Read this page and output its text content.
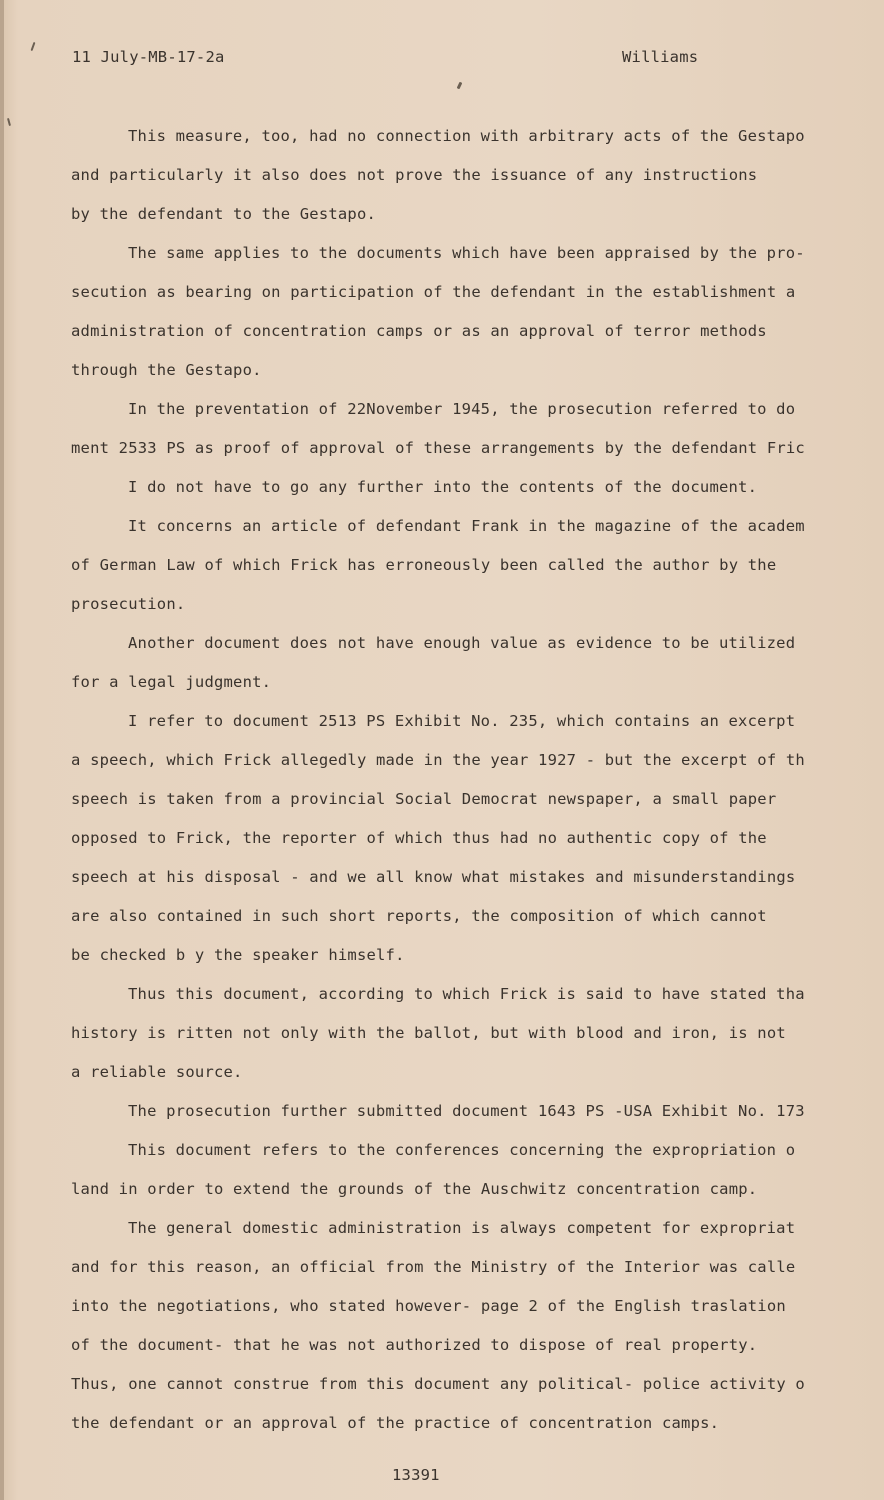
11 July-MB-17-2a	Williams
This measure, too, had no connection with arbitrary acts of the Gestapo
and particularly it also does not prove the issuance of any instructions
by the defendant to the Gestapo.
The same applies to the documents which have been appraised by the pro-
secution as bearing on participation of the defendant in the establishment a
administration of concentration camps or as an approval of terror methods
through the Gestapo.
In the preventation of 22November 1945, the prosecution referred to do
ment 2533 PS as proof of approval of these arrangements by the defendant Fric
I do not have to go any further into the contents of the document.
It concerns an article of defendant Frank in the magazine of the academ
of German Law of which Frick has erroneously been called the author by the
prosecution.
Another document does not have enough value as evidence to be utilized
for a legal judgment.
I refer to document 2513 PS Exhibit No. 235, which contains an excerpt
a speech, which Frick allegedly made in the year 1927 - but the excerpt of th
speech is taken from a provincial Social Democrat newspaper, a small paper
opposed to Frick, the reporter of which thus had no authentic copy of the
speech at his disposal - and we all know what mistakes and misunderstandings
are also contained in such short reports, the composition of which cannot
be checked b y the speaker himself.
Thus this document, according to which Frick is said to have stated tha
history is ritten not only with the ballot, but with blood and iron, is not
a reliable source.
The prosecution further submitted document 1643 PS -USA Exhibit No. 173
This document refers to the conferences concerning the expropriation o
land in order to extend the grounds of the Auschwitz concentration camp.
The general domestic administration is always competent for expropriat
and for this reason, an official from the Ministry of the Interior was calle
into the negotiations, who stated however- page 2 of the English traslation
of the document- that he was not authorized to dispose of real property.
Thus, one cannot construe from this document any political- police activity o
the defendant or an approval of the practice of concentration camps.
13391
